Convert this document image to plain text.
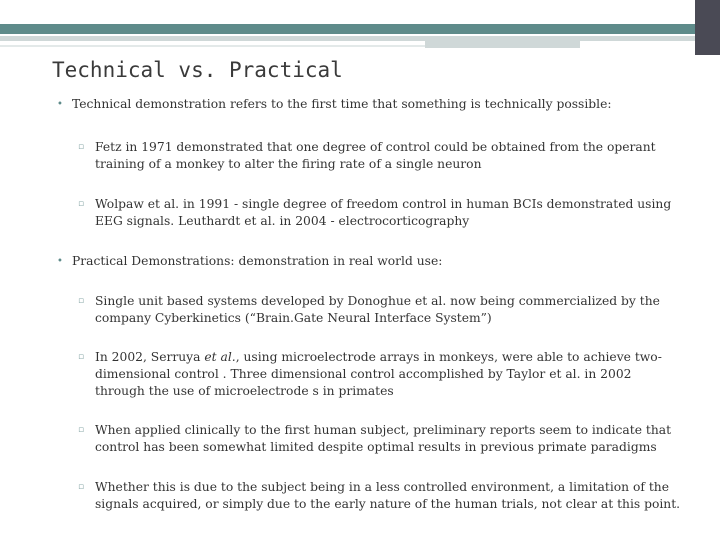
Technical vs. Practical
• Technical demonstration refers to the first time that something is technically possible:
▫ Fetz in 1971 demonstrated that one degree of control could be obtained from the operant training of a monkey to alter the firing rate of a single neuron
▫ Wolpaw et al. in 1991 - single degree of freedom control in human BCIs demonstrated using EEG signals. Leuthardt et al. in 2004 - electrocorticography
• Practical Demonstrations: demonstration in real world use:
▫ Single unit based systems developed by Donoghue et al. now being commercialized by the company Cyberkinetics (“Brain.Gate Neural Interface System”)
▫ In 2002, Serruya et al., using microelectrode arrays in monkeys, were able to achieve two-dimensional control . Three dimensional control accomplished by Taylor et al. in 2002 through the use of microelectrode s in primates
▫ When applied clinically to the first human subject, preliminary reports seem to indicate that control has been somewhat limited despite optimal results in previous primate paradigms
▫ Whether this is due to the subject being in a less controlled environment, a limitation of the signals acquired, or simply due to the early nature of the human trials, not clear at this point.
